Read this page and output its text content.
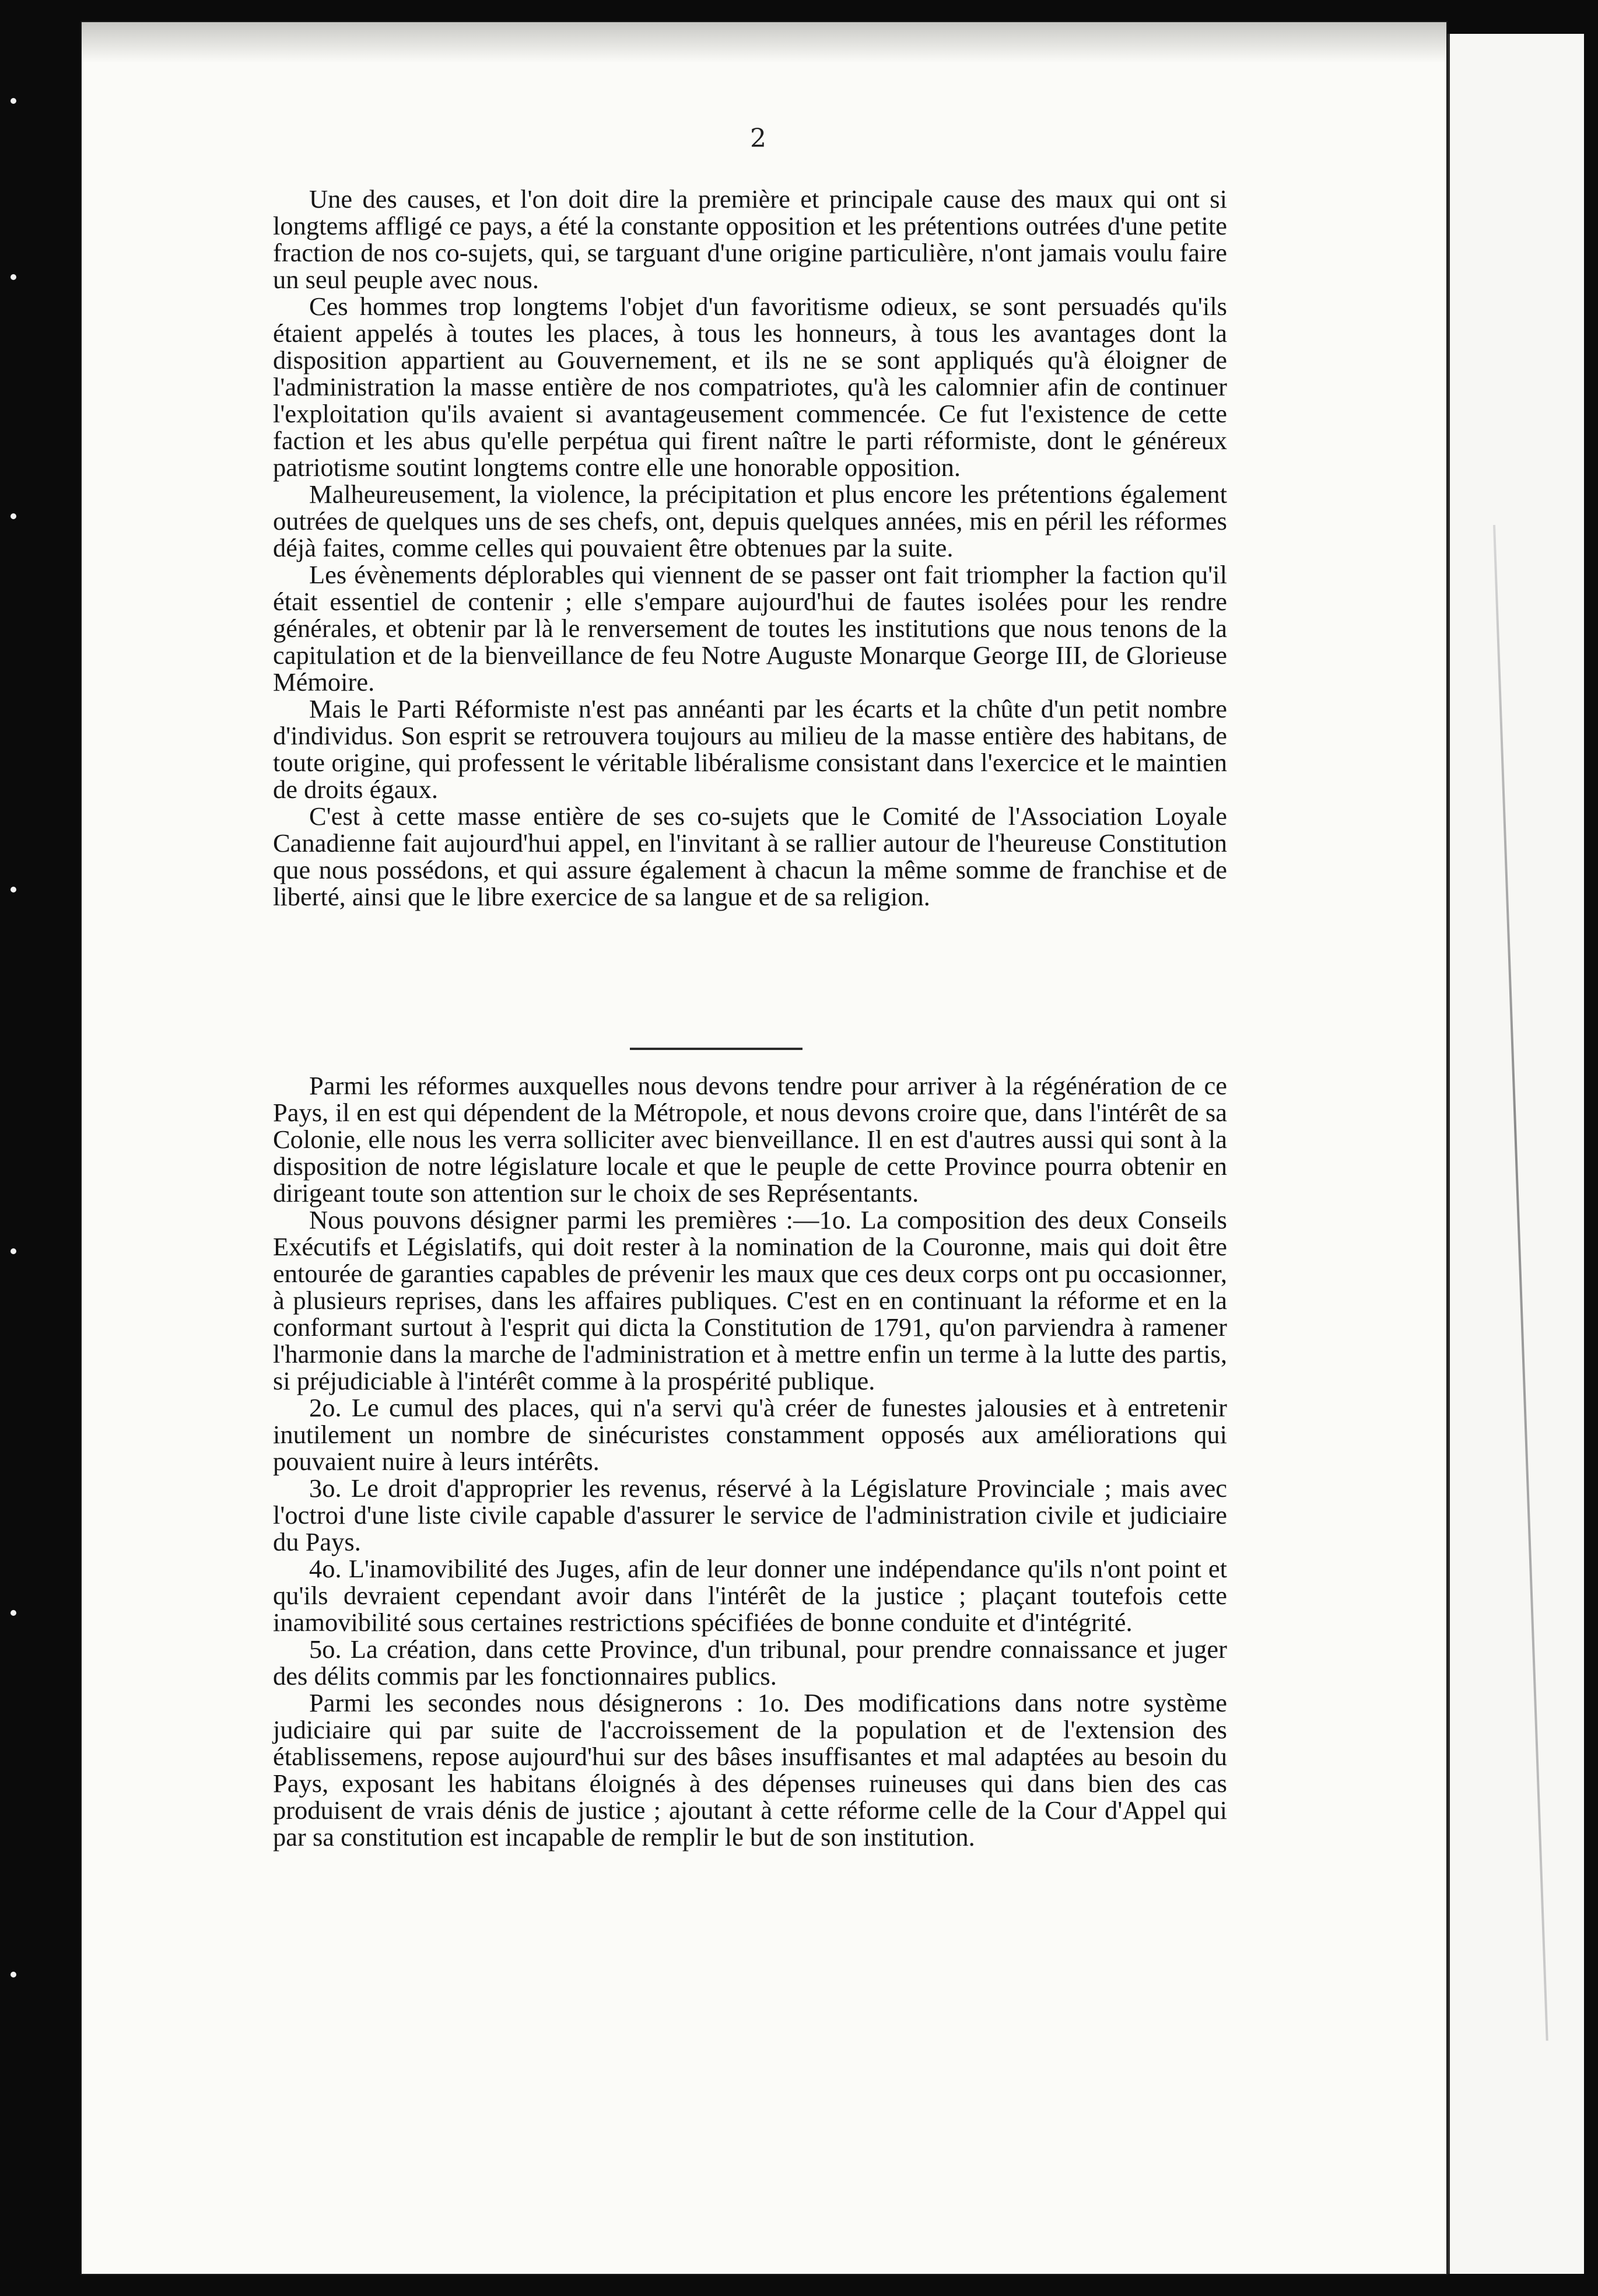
2

Une des causes, et l'on doit dire la première et principale cause des maux qui ont si longtems affligé ce pays, a été la constante opposition et les prétentions outrées d'une petite fraction de nos co-sujets, qui, se targuant d'une origine particulière, n'ont jamais voulu faire un seul peuple avec nous.

Ces hommes trop longtems l'objet d'un favoritisme odieux, se sont persuadés qu'ils étaient appelés à toutes les places, à tous les honneurs, à tous les avantages dont la disposition appartient au Gouvernement, et ils ne se sont appliqués qu'à éloigner de l'administration la masse entière de nos compatriotes, qu'à les calomnier afin de continuer l'exploitation qu'ils avaient si avantageusement commencée. Ce fut l'existence de cette faction et les abus qu'elle perpétua qui firent naître le parti réformiste, dont le généreux patriotisme soutint longtems contre elle une honorable opposition.

Malheureusement, la violence, la précipitation et plus encore les prétentions également outrées de quelques uns de ses chefs, ont, depuis quelques années, mis en péril les réformes déjà faites, comme celles qui pouvaient être obtenues par la suite.

Les évènements déplorables qui viennent de se passer ont fait triompher la faction qu'il était essentiel de contenir ; elle s'empare aujourd'hui de fautes isolées pour les rendre générales, et obtenir par là le renversement de toutes les institutions que nous tenons de la capitulation et de la bienveillance de feu Notre Auguste Monarque George III, de Glorieuse Mémoire.

Mais le Parti Réformiste n'est pas annéanti par les écarts et la chûte d'un petit nombre d'individus. Son esprit se retrouvera toujours au milieu de la masse entière des habitans, de toute origine, qui professent le véritable libéralisme consistant dans l'exercice et le maintien de droits égaux.

C'est à cette masse entière de ses co-sujets que le Comité de l'Association Loyale Canadienne fait aujourd'hui appel, en l'invitant à se rallier autour de l'heureuse Constitution que nous possédons, et qui assure également à chacun la même somme de franchise et de liberté, ainsi que le libre exercice de sa langue et de sa religion.

Parmi les réformes auxquelles nous devons tendre pour arriver à la régénération de ce Pays, il en est qui dépendent de la Métropole, et nous devons croire que, dans l'intérêt de sa Colonie, elle nous les verra solliciter avec bienveillance. Il en est d'autres aussi qui sont à la disposition de notre législature locale et que le peuple de cette Province pourra obtenir en dirigeant toute son attention sur le choix de ses Représentants.

Nous pouvons désigner parmi les premières :—1o. La composition des deux Conseils Exécutifs et Législatifs, qui doit rester à la nomination de la Couronne, mais qui doit être entourée de garanties capables de prévenir les maux que ces deux corps ont pu occasionner, à plusieurs reprises, dans les affaires publiques. C'est en en continuant la réforme et en la conformant surtout à l'esprit qui dicta la Constitution de 1791, qu'on parviendra à ramener l'harmonie dans la marche de l'administration et à mettre enfin un terme à la lutte des partis, si préjudiciable à l'intérêt comme à la prospérité publique.

2o. Le cumul des places, qui n'a servi qu'à créer de funestes jalousies et à entretenir inutilement un nombre de sinécuristes constamment opposés aux améliorations qui pouvaient nuire à leurs intérêts.

3o. Le droit d'approprier les revenus, réservé à la Législature Provinciale ; mais avec l'octroi d'une liste civile capable d'assurer le service de l'administration civile et judiciaire du Pays.

4o. L'inamovibilité des Juges, afin de leur donner une indépendance qu'ils n'ont point et qu'ils devraient cependant avoir dans l'intérêt de la justice ; plaçant toutefois cette inamovibilité sous certaines restrictions spécifiées de bonne conduite et d'intégrité.

5o. La création, dans cette Province, d'un tribunal, pour prendre connaissance et juger des délits commis par les fonctionnaires publics.

Parmi les secondes nous désignerons : 1o. Des modifications dans notre système judiciaire qui par suite de l'accroissement de la population et de l'extension des établissemens, repose aujourd'hui sur des bâses insuffisantes et mal adaptées au besoin du Pays, exposant les habitans éloignés à des dépenses ruineuses qui dans bien des cas produisent de vrais dénis de justice ; ajoutant à cette réforme celle de la Cour d'Appel qui par sa constitution est incapable de remplir le but de son institution.
